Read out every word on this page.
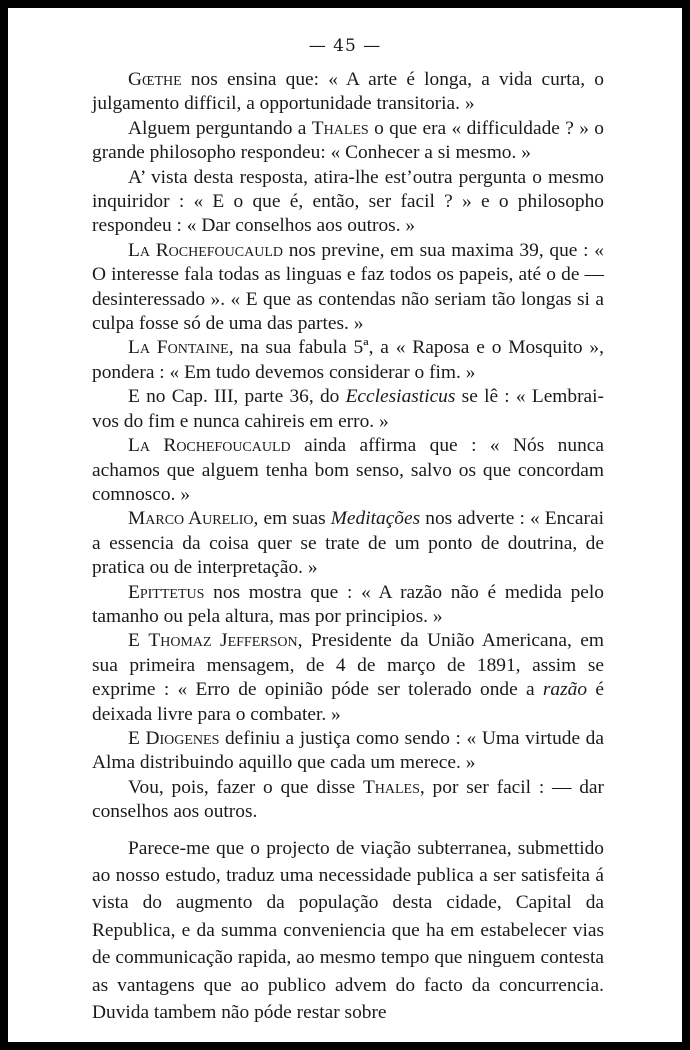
— 45 —

Gœthe nos ensina que: « A arte é longa, a vida curta, o julgamento difficil, a opportunidade transitoria. »

Alguem perguntando a Thales o que era « difficuldade ? » o grande philosopho respondeu: « Conhecer a si mesmo. »

A’ vista desta resposta, atira-lhe est’outra pergunta o mesmo inquiridor : « E o que é, então, ser facil ? » e o philosopho respondeu : « Dar conselhos aos outros. »

La Rochefoucauld nos previne, em sua maxima 39, que : « O interesse fala todas as linguas e faz todos os papeis, até o de — desinteressado ». « E que as contendas não seriam tão longas si a culpa fosse só de uma das partes. »

La Fontaine, na sua fabula 5ª, a « Raposa e o Mosquito », pondera : « Em tudo devemos considerar o fim. »

E no Cap. III, parte 36, do Ecclesiasticus se lê : « Lembrai-vos do fim e nunca cahireis em erro. »

La Rochefoucauld ainda affirma que : « Nós nunca achamos que alguem tenha bom senso, salvo os que concordam comnosco. »

Marco Aurelio, em suas Meditações nos adverte : « Encarai a essencia da coisa quer se trate de um ponto de doutrina, de pratica ou de interpretação. »

Epittetus nos mostra que : « A razão não é medida pelo tamanho ou pela altura, mas por principios. »

E Thomaz Jefferson, Presidente da União Americana, em sua primeira mensagem, de 4 de março de 1891, assim se exprime : « Erro de opinião póde ser tolerado onde a razão é deixada livre para o combater. »

E Diogenes definiu a justiça como sendo : « Uma virtude da Alma distribuindo aquillo que cada um merece. »

Vou, pois, fazer o que disse Thales, por ser facil : — dar conselhos aos outros.

Parece-me que o projecto de viação subterranea, submettido ao nosso estudo, traduz uma necessidade publica a ser satisfeita á vista do augmento da população desta cidade, Capital da Republica, e da summa conveniencia que ha em estabelecer vias de communicação rapida, ao mesmo tempo que ninguem contesta as vantagens que ao publico advem do facto da concurrencia. Duvida tambem não póde restar sobre
